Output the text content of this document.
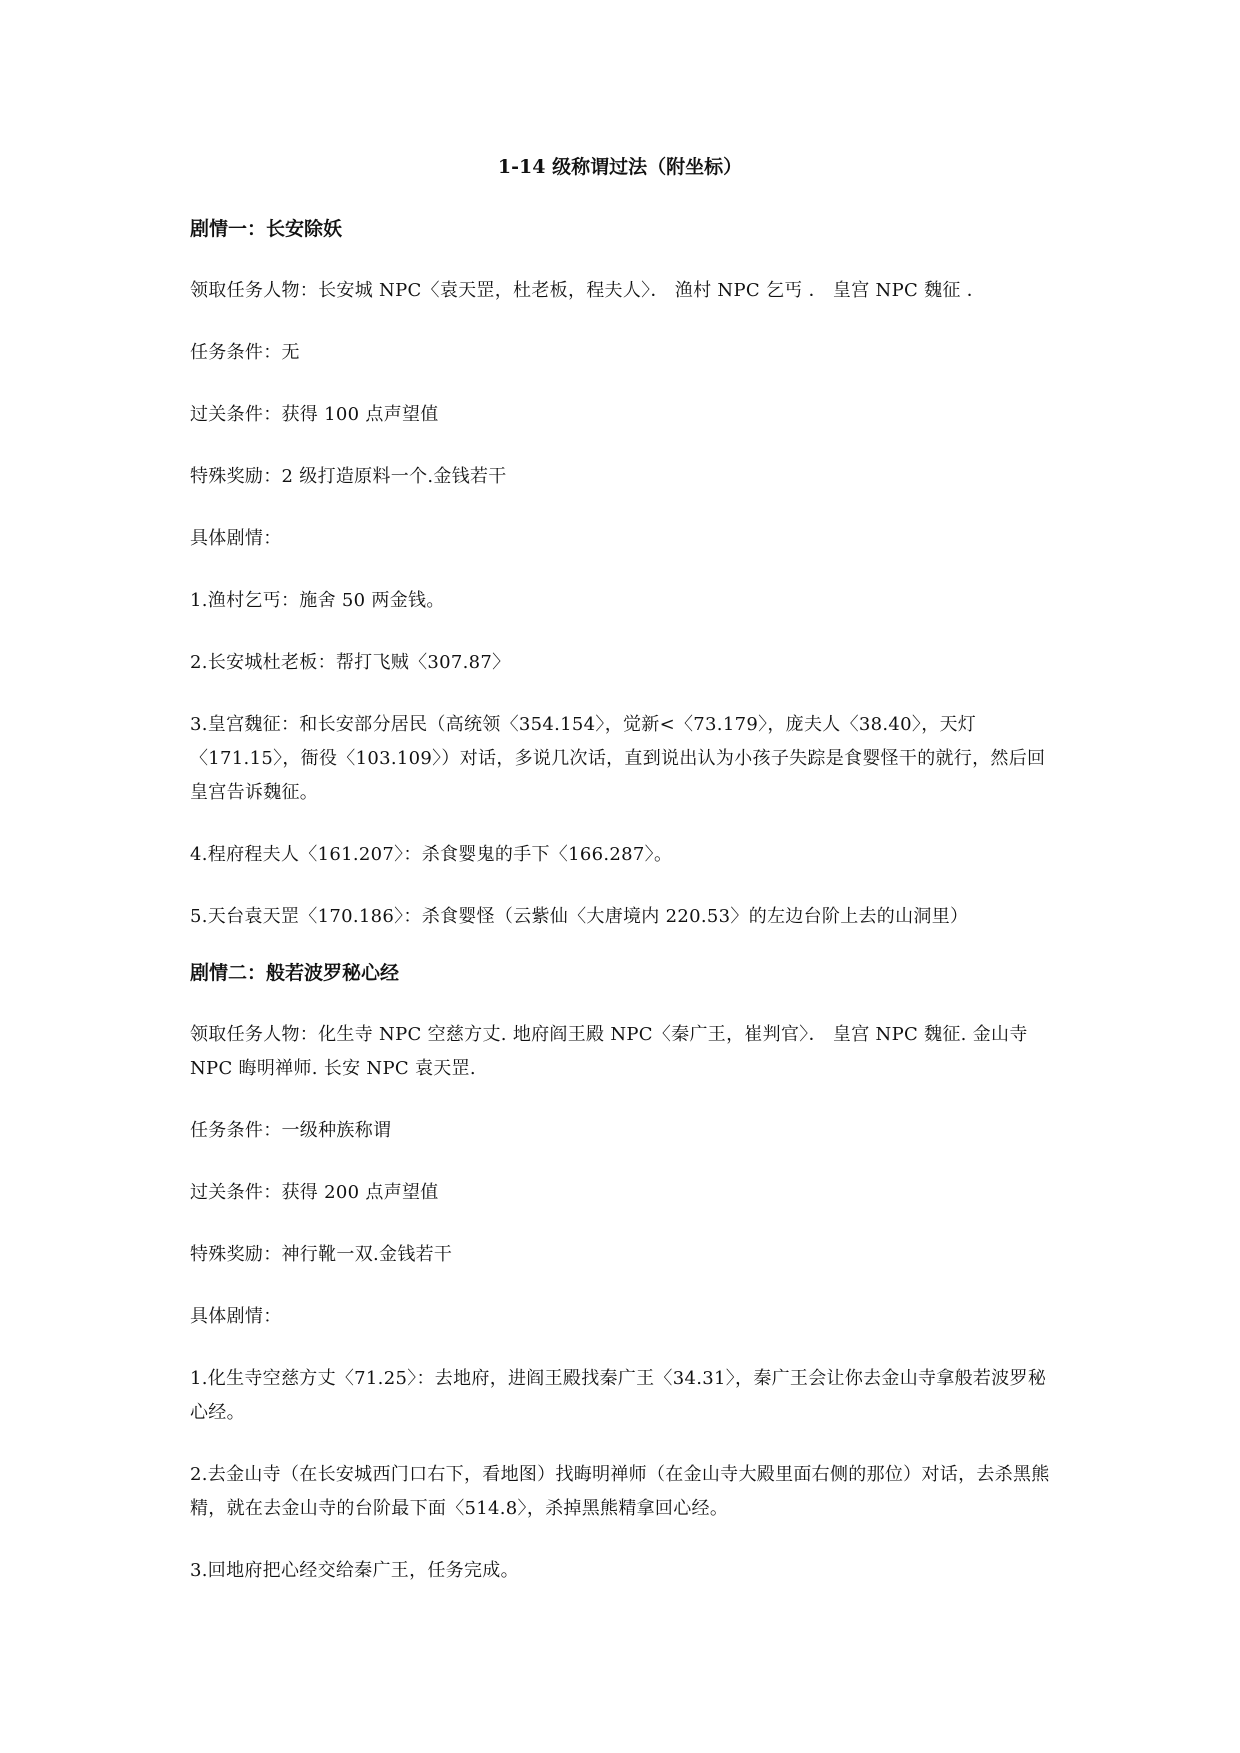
1-14 级称谓过法（附坐标）

剧情一：长安除妖

领取任务人物：长安城 NPC〈袁天罡，杜老板，程夫人〉． 渔村 NPC 乞丐 ． 皇宫 NPC 魏征 ．

任务条件：无

过关条件：获得 100 点声望值

特殊奖励：2 级打造原料一个.金钱若干

具体剧情：

1.渔村乞丐：施舍 50 两金钱。

2.长安城杜老板：帮打飞贼〈307.87〉

3.皇宫魏征：和长安部分居民（高统领〈354.154〉，觉新<〈73.179〉，庞夫人〈38.40〉，天灯〈171.15〉，衙役〈103.109〉）对话，多说几次话，直到说出认为小孩子失踪是食婴怪干的就行，然后回皇宫告诉魏征。

4.程府程夫人〈161.207〉：杀食婴鬼的手下〈166.287〉。

5.天台袁天罡〈170.186〉：杀食婴怪（云紫仙〈大唐境内 220.53〉的左边台阶上去的山洞里）

剧情二：般若波罗秘心经

领取任务人物：化生寺 NPC 空慈方丈. 地府阎王殿 NPC〈秦广王，崔判官〉． 皇宫 NPC 魏征. 金山寺 NPC 晦明禅师. 长安 NPC 袁天罡.

任务条件：一级种族称谓

过关条件：获得 200 点声望值

特殊奖励：神行靴一双.金钱若干

具体剧情：

1.化生寺空慈方丈〈71.25〉：去地府，进阎王殿找秦广王〈34.31〉，秦广王会让你去金山寺拿般若波罗秘心经。

2.去金山寺（在长安城西门口右下，看地图）找晦明禅师（在金山寺大殿里面右侧的那位）对话，去杀黑熊精，就在去金山寺的台阶最下面〈514.8〉，杀掉黑熊精拿回心经。

3.回地府把心经交给秦广王，任务完成。
